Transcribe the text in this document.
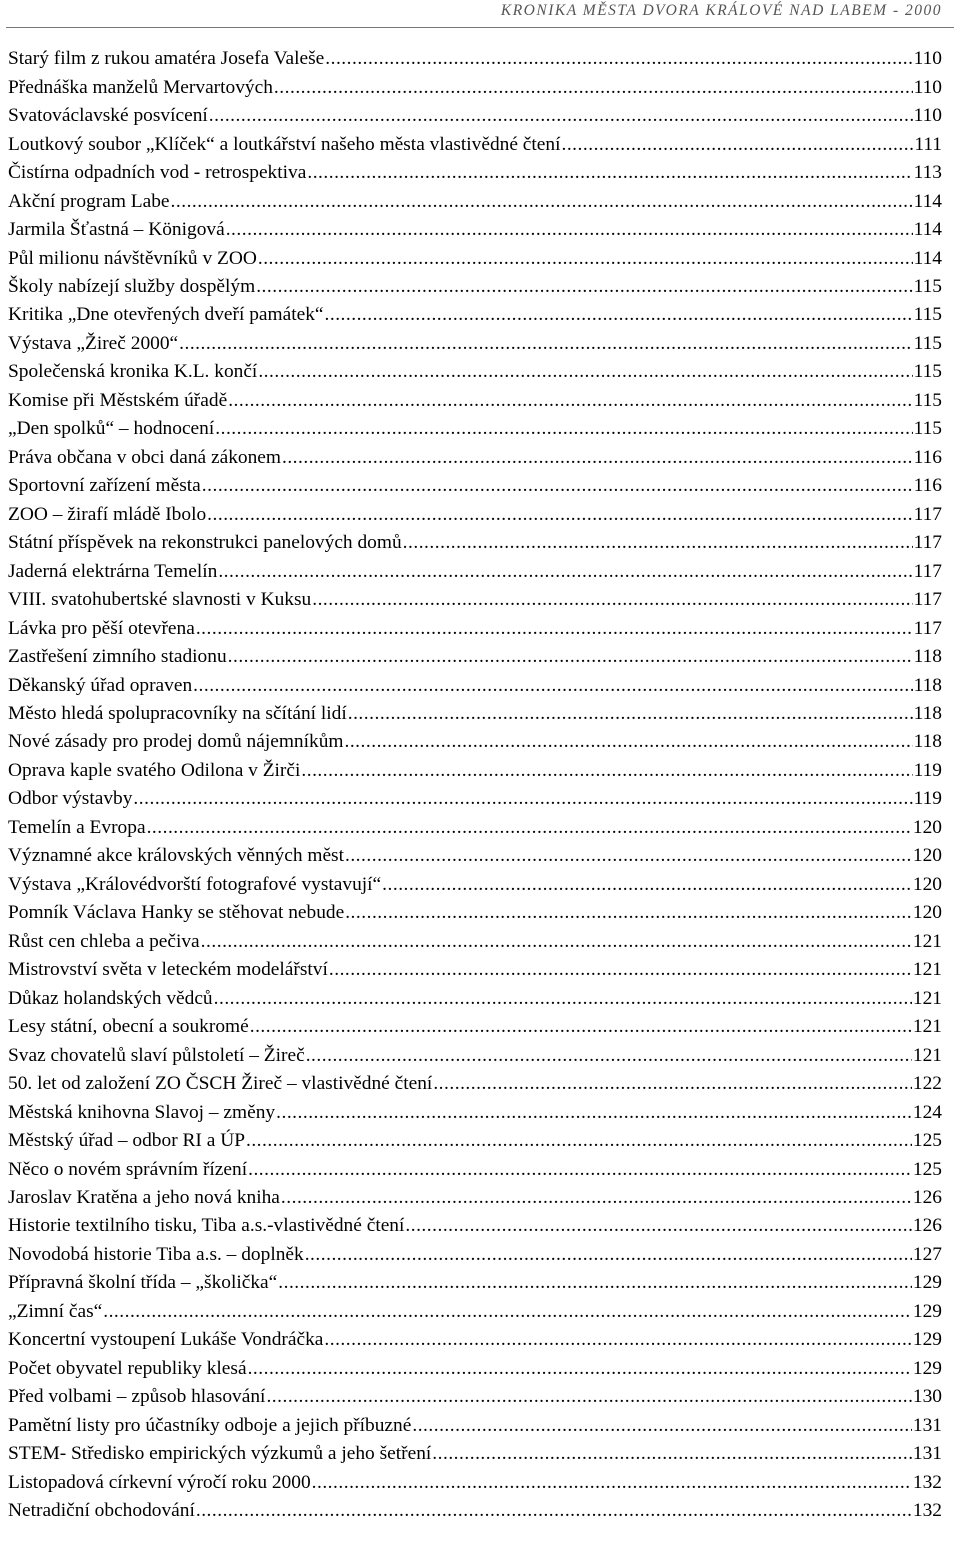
KRONIKA MĚSTA DVORA KRÁLOVÉ NAD LABEM - 2000
Starý film z rukou amatéra Josefa Valeše .....	110
Přednáška manželů Mervartových .....	110
Svatováclavské posvícení .....	110
Loutkový soubor „Klíček“ a loutkářství našeho města vlastivědné čtení .....	111
Čistírna odpadních vod - retrospektiva .....	113
Akční program Labe .....	114
Jarmila Šťastná – Königová .....	114
Půl milionu návštěvníků v ZOO .....	114
Školy nabízejí služby dospělým .....	115
Kritika „Dne otevřených dveří památek“ .....	115
Výstava „Žireč 2000“ .....	115
Společenská kronika K.L. končí .....	115
Komise při Městském úřadě .....	115
„Den spolků“ – hodnocení .....	115
Práva občana v obci daná zákonem .....	116
Sportovní zařízení města .....	116
ZOO – žirafí mládě Ibolo .....	117
Státní příspěvek na rekonstrukci panelových domů .....	117
Jaderná elektrárna Temelín .....	117
VIII. svatohubertské slavnosti v Kuksu .....	117
Lávka pro pěší otevřena .....	117
Zastřešení zimního stadionu .....	118
Děkanský úřad opraven .....	118
Město hledá spolupracovníky na sčítání lidí .....	118
Nové zásady pro prodej domů nájemníkům .....	118
Oprava kaple svatého Odilona v Žirči .....	119
Odbor výstavby .....	119
Temelín a Evropa .....	120
Významné akce královských věnných měst .....	120
Výstava „Královédvorští fotografové vystavují“ .....	120
Pomník Václava Hanky se stěhovat nebude .....	120
Růst cen chleba a pečiva .....	121
Mistrovství světa v leteckém modelářství .....	121
Důkaz holandských vědců .....	121
Lesy státní, obecní a soukromé .....	121
Svaz chovatelů slaví půlstoletí – Žireč .....	121
50. let od založení ZO ČSCH Žireč – vlastivědné čtení .....	122
Městská knihovna Slavoj – změny .....	124
Městský úřad – odbor RI a ÚP .....	125
Něco o novém správním řízení .....	125
Jaroslav Kratěna a jeho nová kniha .....	126
Historie textilního tisku, Tiba a.s.-vlastivědné čtení .....	126
Novodobá historie Tiba a.s. – doplněk .....	127
Přípravná školní třída – „školička“ .....	129
„Zimní čas“ .....	129
Koncertní vystoupení Lukáše Vondráčka .....	129
Počet obyvatel republiky klesá .....	129
Před volbami – způsob hlasování .....	130
Pamětní listy pro účastníky odboje a jejich příbuzné .....	131
STEM- Středisko empirických výzkumů a jeho šetření .....	131
Listopadová církevní výročí roku 2000 .....	132
Netradiční obchodování .....	132
